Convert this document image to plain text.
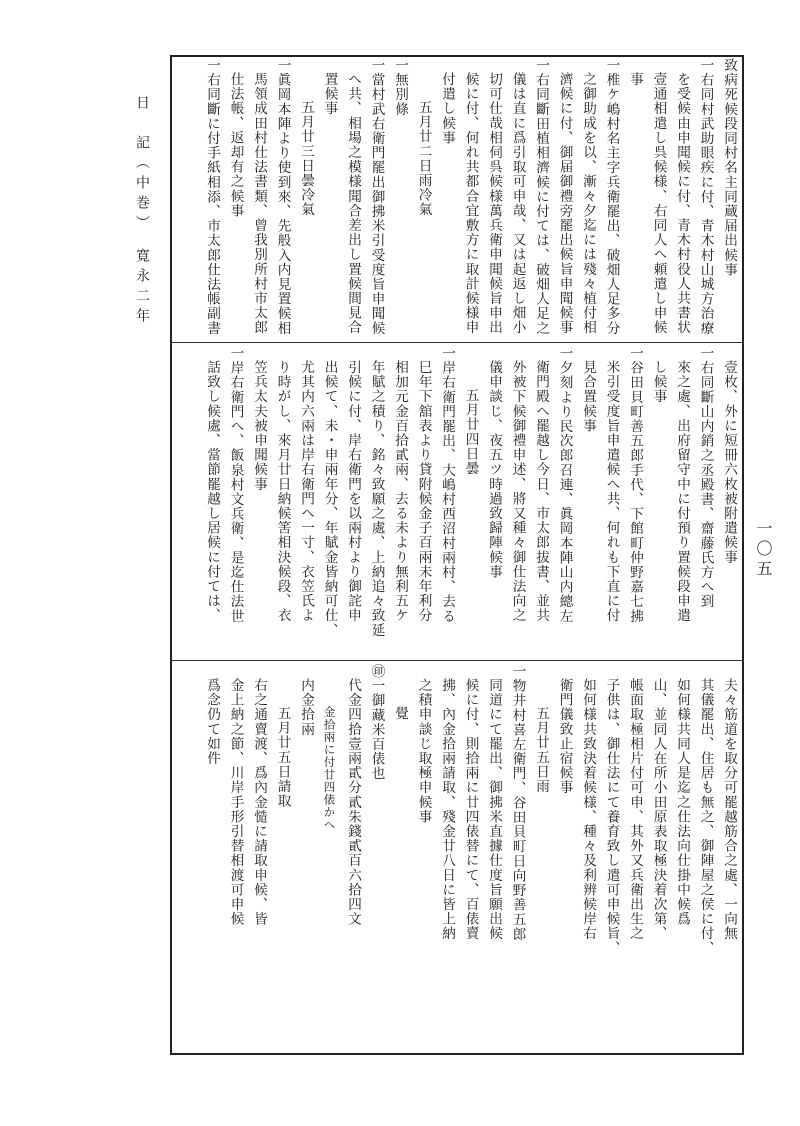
日　記（中巻）　寛永二年
一〇五

致病死候段同村名主同蔵届出候事

一右同村武助眼疾に付、青木村山城方治療

を受候由申聞候に付、青木村役人共書状

壹通相遣し呉候様、右同人へ頼遣し申候

事

一椎ケ嶋村名主字兵衛罷出、破畑人足多分

之御助成を以、漸々夕迄には殘々植付相

濟候に付、御届御禮旁罷出候旨申聞候事

一右同斷田植相濟候に付ては、破畑人足之

儀は直に爲引取可申哉、又は起返し畑小

切可仕哉相伺呉候様萬兵衛申聞候旨申出

候に付、何れ共都合宜敷方に取計候様申

付遣し候事

五月廿二日雨冷氣

一無別條

一當村武右衛門罷出御拂米引受度旨申聞候

へ共、相場之模様聞合差出し置候間見合

置候事

五月廿三日曇冷氣

一眞岡本陣より使到來、先般入内見置候相

馬領成田村仕法書類、曾我別所村市太郎

仕法帳、返却有之候事

一右同斷に付手紙相添、市太郎仕法帳副書

壹枚、外に短冊六枚被附遣候事

一右同斷山内銷之丞殿書、齋藤氏方へ到

來之處、出府留守中に付預り置候段申遣

し候事

一谷田貝町善五郎手代、下館町仲野嘉七拂

米引受度旨申遣候へ共、何れも下直に付

見合置候事

一夕刻より民次郎召連、眞岡本陣山内總左

衛門殿へ罷越し今日、市太郎拔書、並共

外被下候御禮申述、將又種々御仕法向之

儀申談じ、夜五ツ時過致歸陣候事

五月廿四日曇

一岸右衛門罷出、大嶋村西沼村兩村、去る

巳年下舘表より貸附候金子百兩未年利分

相加元金百拾貳兩、去る未より無利五ケ

年賦之積り、銘々致願之處、上納追々致延

引候に付、岸右衛門を以兩村より御詫申

出候て、未・申兩年分、年賦金皆納可仕、

尤其内六兩は岸右衛門へ一寸、衣笠氏よ

り時がし、來月廿日納候筈相決候段、衣

笠兵太夫被申聞候事

一岸右衛門へ、飯泉村文兵衛、是迄仕法世

話致し候處、當節罷越し居候に付ては、

夫々筋道を取分可罷越筋合之處、一向無

其儀罷出、住居も無之、御陣屋之侯に付、

如何様共同人是迄之仕法向仕掛中候爲

山、並同人在所小田原表取極決着次第、

帳面取極相片付可申、其外又兵衛出生之

子供は、御仕法にて養育致し遣可申候旨、

如何様共致決着候様、種々及利辨候岸右

衛門儀致止宿候事

五月廿五日雨

一物井村喜左衛門、谷田貝町日向野善五郎

同道にて罷出、御拂米直據仕度旨願出候

候に付、則拾兩に廿四俵替にて、百俵賣

拂、內金拾兩請取、殘金廿八日に皆上納

之積申談じ取極申候事

覺

㊞一御藏米百俵也

代金四拾壹兩貳分貳朱錢貳百六拾四文

金拾兩に付廿四俵かへ

内金拾兩

五月廿五日請取

右之通賣渡、爲內金慥に請取申候、皆

金上納之節、川岸手形引替相渡可申候

爲念仍て如件
